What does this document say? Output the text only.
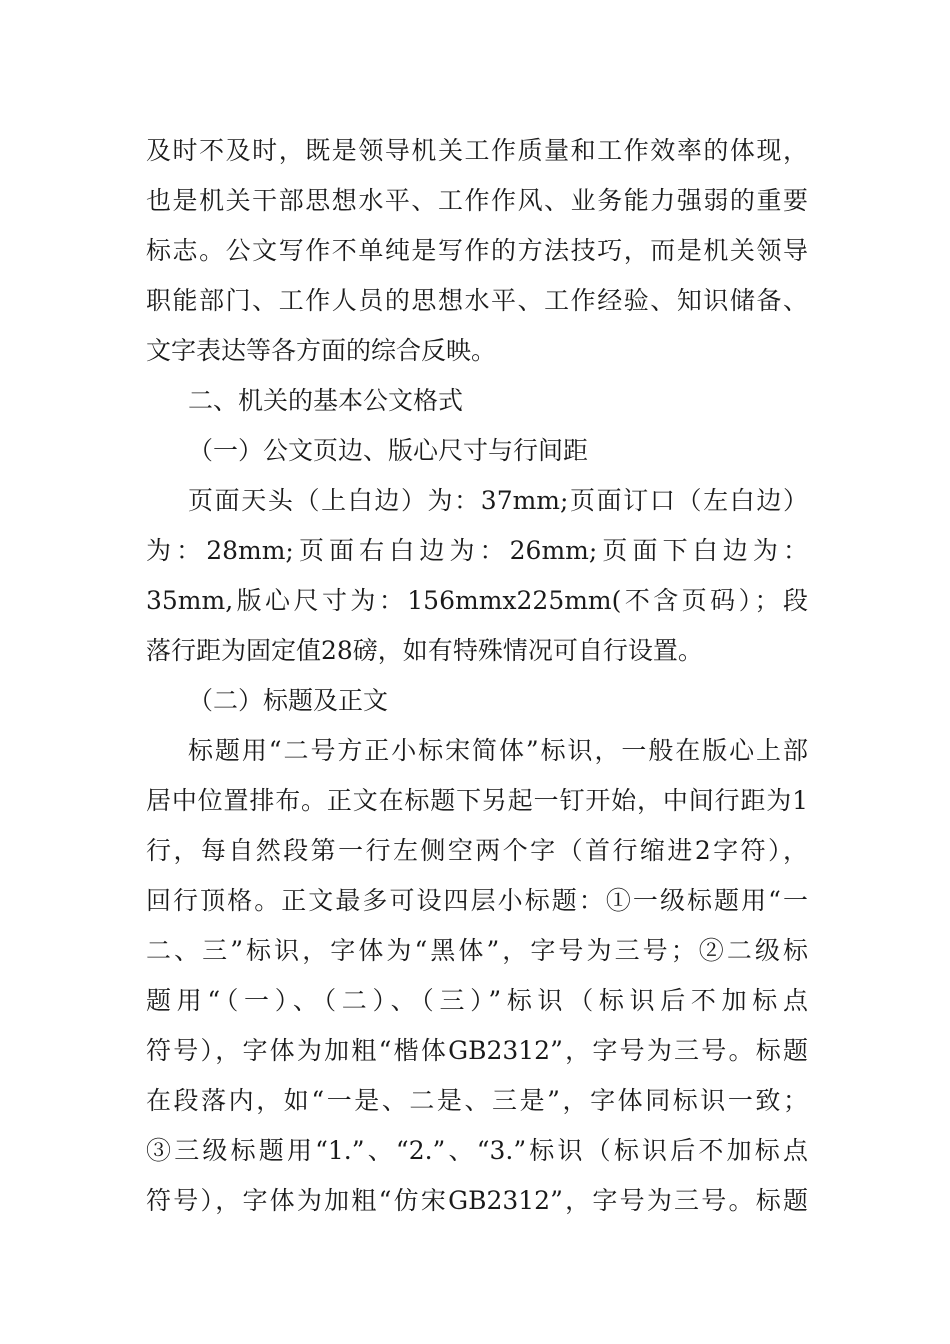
及时不及时，既是领导机关工作质量和工作效率的体现，
也是机关干部思想水平、工作作风、业务能力强弱的重要
标志。公文写作不单纯是写作的方法技巧，而是机关领导
职能部门、工作人员的思想水平、工作经验、知识储备、
文字表达等各方面的综合反映。
二、机关的基本公文格式
（一）公文页边、版心尺寸与行间距
页面天头（上白边）为：37mm;页面订口（左白边）
为：28mm;页面右白边为：26mm;页面下白边为：
35mm,版心尺寸为：156mmx225mm(不含页码）；段
落行距为固定值28磅，如有特殊情况可自行设置。
（二）标题及正文
标题用“二号方正小标宋简体”标识，一般在版心上部
居中位置排布。正文在标题下另起一钉开始，中间行距为1
行，每自然段第一行左侧空两个字（首行缩进2字符），
回行顶格。正文最多可设四层小标题：①一级标题用“一
二、三”标识，字体为“黑体”，字号为三号；②二级标
题用“（一）、（二）、（三）”标识（标识后不加标点
符号），字体为加粗“楷体GB2312”，字号为三号。标题
在段落内，如“一是、二是、三是”，字体同标识一致；
③三级标题用“1.”、“2.”、“3.”标识（标识后不加标点
符号），字体为加粗“仿宋GB2312”，字号为三号。标题
